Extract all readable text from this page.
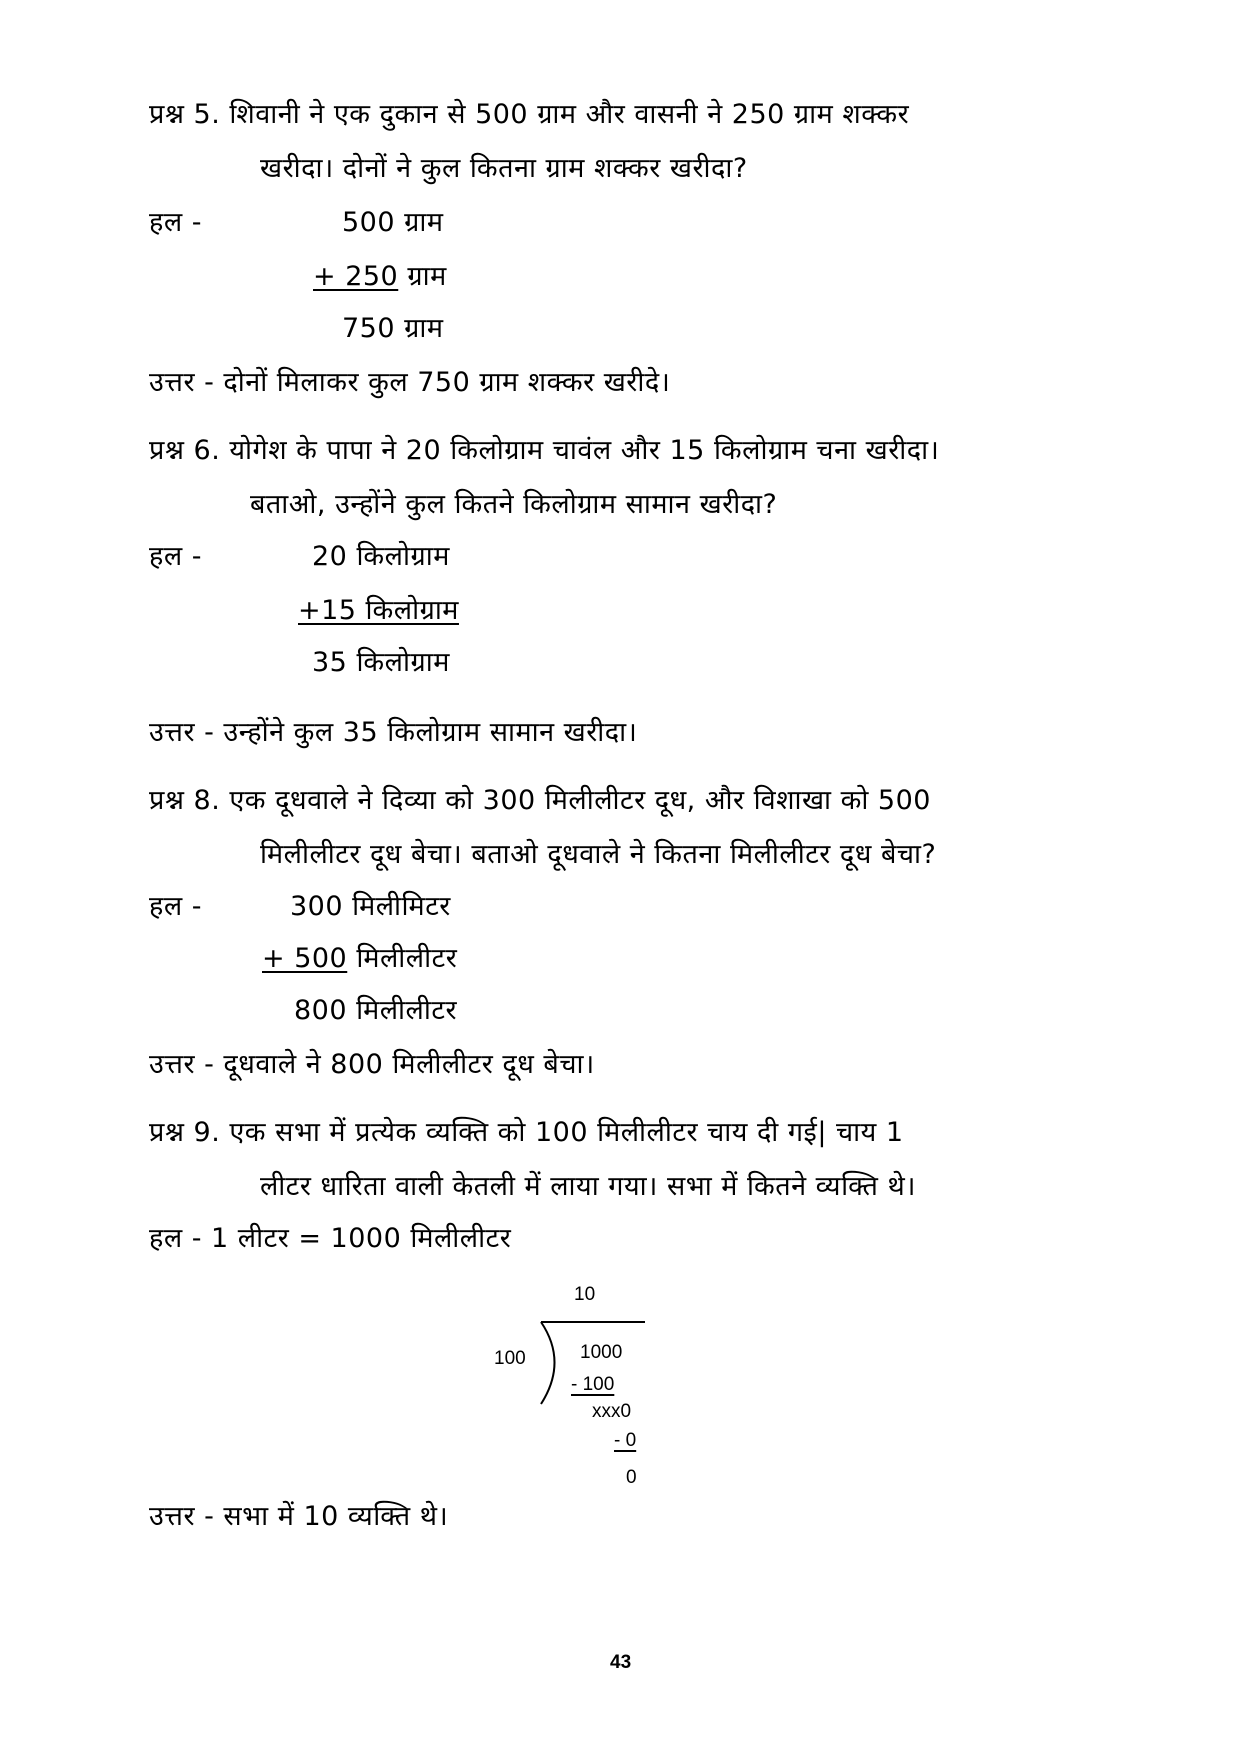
प्रश्न 5. शिवानी ने एक दुकान से 500 ग्राम और वासनी ने 250 ग्राम शक्कर
खरीदा। दोनों ने कुल कितना ग्राम शक्कर खरीदा?
हल -	500 ग्राम
+ 250 ग्राम
750 ग्राम
उत्तर - दोनों मिलाकर कुल 750 ग्राम शक्कर खरीदे।
प्रश्न 6. योगेश के पापा ने 20 किलोग्राम चावंल और 15 किलोग्राम चना खरीदा।
बताओ, उन्होंने कुल कितने किलोग्राम सामान खरीदा?
हल -	20 किलोग्राम
+15 किलोग्राम
35 किलोग्राम
उत्तर - उन्होंने कुल 35 किलोग्राम सामान खरीदा।
प्रश्न 8. एक दूधवाले ने दिव्या को 300 मिलीलीटर दूध, और विशाखा को 500
मिलीलीटर दूध बेचा। बताओ दूधवाले ने कितना मिलीलीटर दूध बेचा?
हल -	300 मिलीमिटर
+ 500 मिलीलीटर
800 मिलीलीटर
उत्तर - दूधवाले ने 800 मिलीलीटर दूध बेचा।
प्रश्न 9. एक सभा में प्रत्येक व्यक्ति को 100 मिलीलीटर चाय दी गई| चाय 1
लीटर धारिता वाली केतली में लाया गया। सभा में कितने व्यक्ति थे।
हल - 1 लीटर = 1000 मिलीलीटर
10
100	1000
- 100
xxx0
- 0
0
उत्तर - सभा में 10 व्यक्ति थे।
43
